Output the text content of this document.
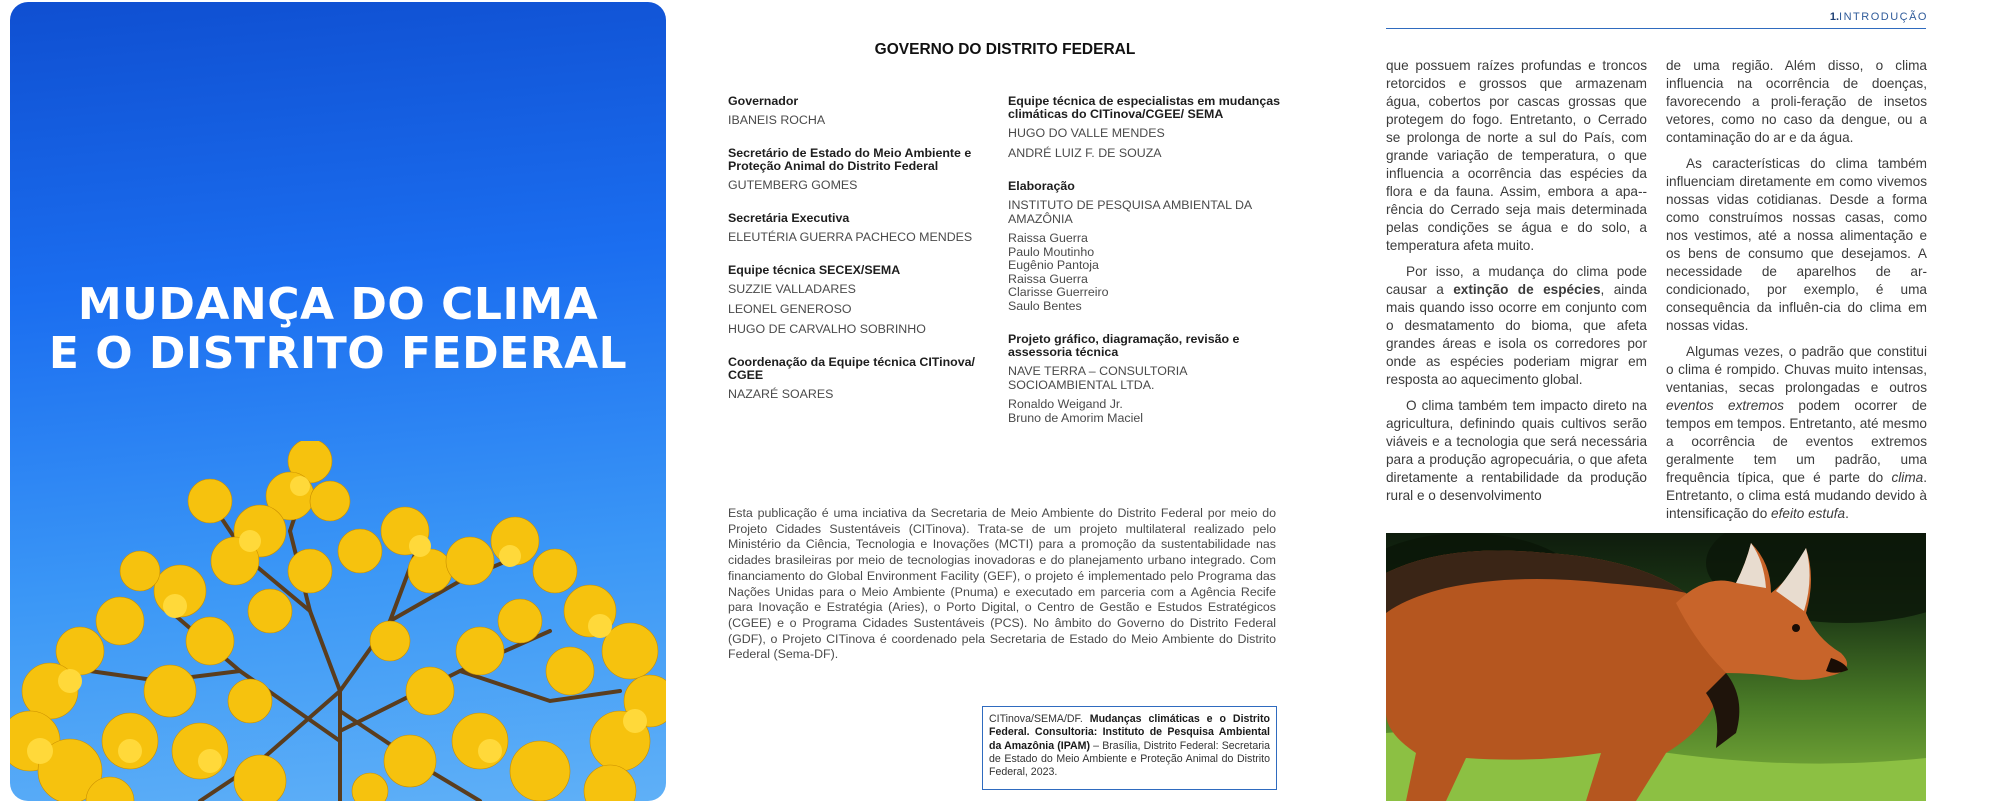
MUDANÇA DO CLIMA
E O DISTRITO FEDERAL
GOVERNO DO DISTRITO FEDERAL
Governador
IBANEIS ROCHA
Secretário de Estado do Meio Ambiente e Proteção Animal do Distrito Federal
GUTEMBERG GOMES
Secretária Executiva
ELEUTÉRIA GUERRA PACHECO MENDES
Equipe técnica SECEX/SEMA
SUZZIE VALLADARES
LEONEL GENEROSO
HUGO DE CARVALHO SOBRINHO
Coordenação da Equipe técnica CITinova/ CGEE
NAZARÉ SOARES
Equipe técnica de especialistas em mudanças climáticas do CITinova/CGEE/ SEMA
HUGO DO VALLE MENDES
ANDRÉ LUIZ F. DE SOUZA
Elaboração
INSTITUTO DE PESQUISA AMBIENTAL DA AMAZÔNIA
Raissa Guerra
Paulo Moutinho
Eugênio Pantoja
Raissa Guerra
Clarisse Guerreiro
Saulo Bentes
Projeto gráfico, diagramação, revisão e assessoria técnica
NAVE TERRA – CONSULTORIA SOCIOAMBIENTAL LTDA.
Ronaldo Weigand Jr.
Bruno de Amorim Maciel
Esta publicação é uma inciativa da Secretaria de Meio Ambiente do Distrito Federal por meio do Projeto Cidades Sustentáveis (CITinova). Trata-se de um projeto multilateral realizado pelo Ministério da Ciência, Tecnologia e Inovações (MCTI) para a promoção da sustentabilidade nas cidades brasileiras por meio de tecnologias inovadoras e do planejamento urbano integrado. Com financiamento do Global Environment Facility (GEF), o projeto é implementado pelo Programa das Nações Unidas para o Meio Ambiente (Pnuma) e executado em parceria com a Agência Recife para Inovação e Estratégia (Aries), o Porto Digital, o Centro de Gestão e Estudos Estratégicos (CGEE) e o Programa Cidades Sustentáveis (PCS). No âmbito do Governo do Distrito Federal (GDF), o Projeto CITinova é coordenado pela Secretaria de Estado do Meio Ambiente do Distrito Federal (Sema-DF).
CITinova/SEMA/DF. Mudanças climáticas e o Distrito Federal. Consultoria: Instituto de Pesquisa Ambiental da Amazônia (IPAM) – Brasília, Distrito Federal: Secretaria de Estado do Meio Ambiente e Proteção Animal do Distrito Federal, 2023.
1.INTRODUÇÃO

que possuem raízes profundas e troncos retorcidos e grossos que armazenam água, cobertos por cascas grossas que protegem do fogo. Entretanto, o Cerrado se prolonga de norte a sul do País, com grande variação de temperatura, o que influencia a ocorrência das espécies da flora e da fauna. Assim, embora a apa--rência do Cerrado seja mais determinada pelas condições se água e do solo, a temperatura afeta muito.

Por isso, a mudança do clima pode causar a extinção de espécies, ainda mais quando isso ocorre em conjunto com o desmatamento do bioma, que afeta grandes áreas e isola os corredores por onde as espécies poderiam migrar em resposta ao aquecimento global.

O clima também tem impacto direto na agricultura, definindo quais cultivos serão viáveis e a tecnologia que será necessária para a produção agropecuária, o que afeta diretamente a rentabilidade da produção rural e o desenvolvimento

de uma região. Além disso, o clima influencia na ocorrência de doenças, favorecendo a proli-feração de insetos vetores, como no caso da dengue, ou a contaminação do ar e da água.

As características do clima também influenciam diretamente em como vivemos nossas vidas cotidianas. Desde a forma como construímos nossas casas, como nos vestimos, até a nossa alimentação e os bens de consumo que desejamos. A necessidade de aparelhos de ar-condicionado, por exemplo, é uma consequência da influên-cia do clima em nossas vidas.

Algumas vezes, o padrão que constitui o clima é rompido. Chuvas muito intensas, ventanias, secas prolongadas e outros eventos extremos podem ocorrer de tempos em tempos. Entretanto, até mesmo a ocorrência de eventos extremos geralmente tem um padrão, uma frequência típica, que é parte do clima. Entretanto, o clima está mudando devido à intensificação do efeito estufa.
